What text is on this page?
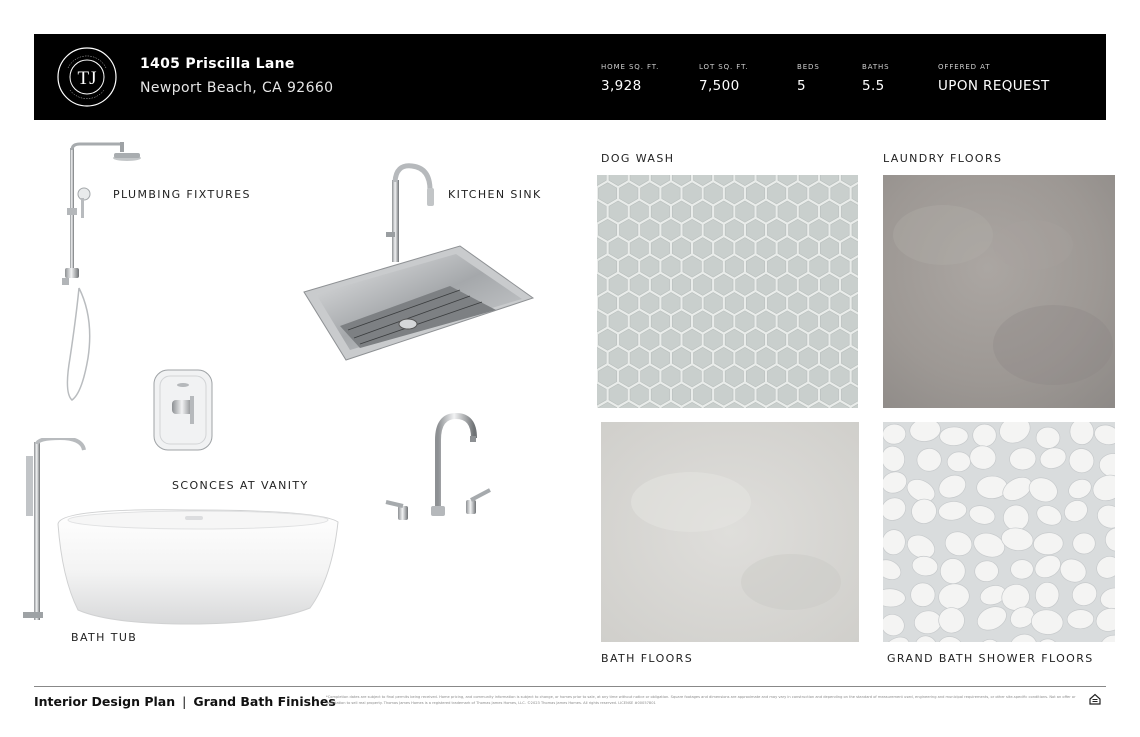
TJ
1405 Priscilla Lane
Newport Beach, CA 92660
HOME SQ. FT.
3,928
LOT SQ. FT.
7,500
BEDS
5
BATHS
5.5
OFFERED AT
UPON REQUEST
PLUMBING FIXTURES	KITCHEN SINK
SCONCES AT VANITY
BATH TUB
DOG WASH	LAUNDRY FLOORS
BATH FLOORS	GRAND BATH SHOWER FLOORS
Interior Design Plan | Grand Bath Finishes
*Completion dates are subject to final permits being received. Home pricing, and community information is subject to change, or homes prior to sale, at any time without notice or obligation. Square footages and dimensions are approximate and may vary in construction and depending on the standard of measurement used, engineering and municipal requirements, or other site-specific conditions. Not an offer or solicitation to sell real property. Thomas James Homes is a registered trademark of Thomas James Homes, LLC. ©2023 Thomas James Homes. All rights reserved. LICENSE #00057801
